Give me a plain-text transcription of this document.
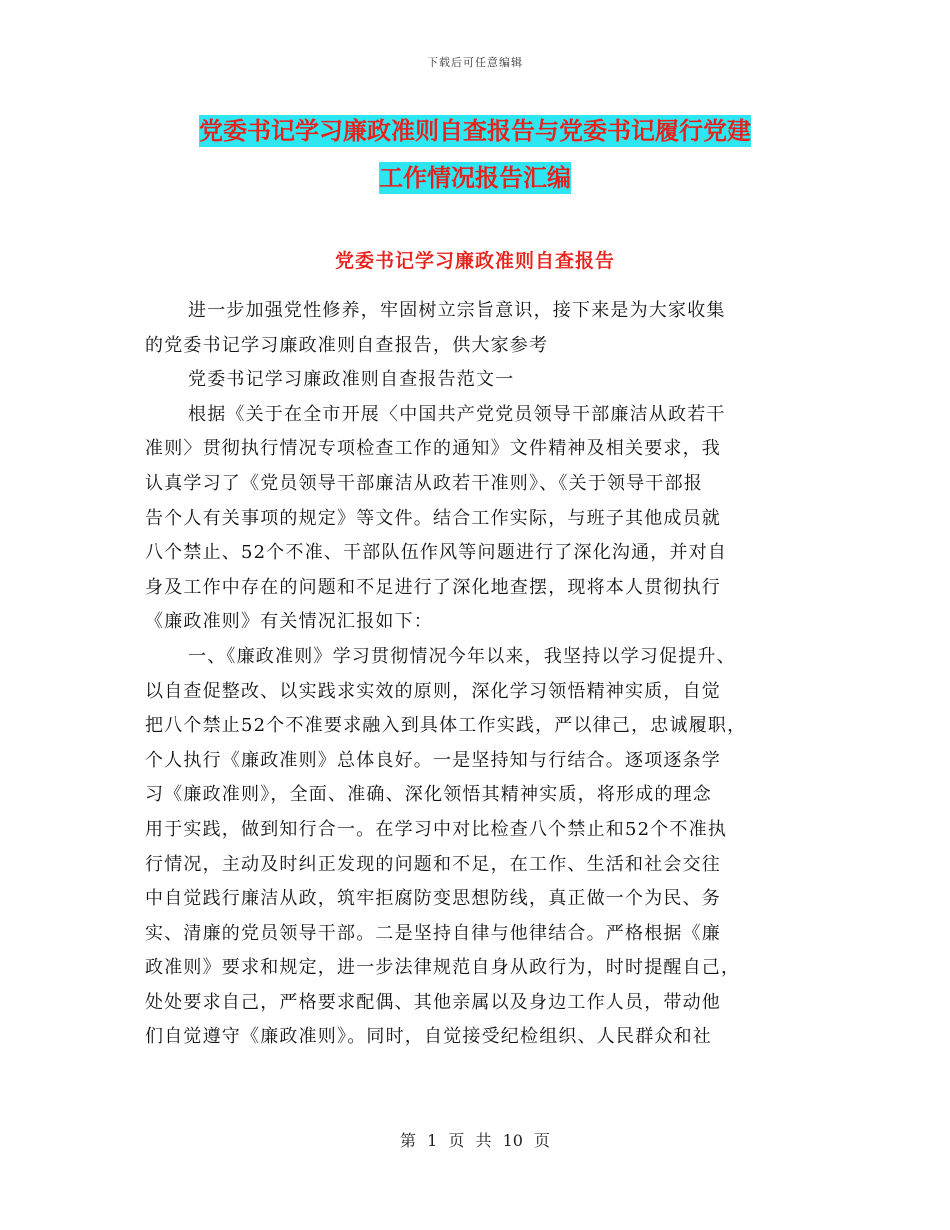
下载后可任意编辑
党委书记学习廉政准则自查报告与党委书记履行党建
工作情况报告汇编
党委书记学习廉政准则自查报告
进一步加强党性修养，牢固树立宗旨意识，接下来是为大家收集
的党委书记学习廉政准则自查报告，供大家参考
党委书记学习廉政准则自查报告范文一
根据《关于在全市开展〈中国共产党党员领导干部廉洁从政若干
准则〉贯彻执行情况专项检查工作的通知》文件精神及相关要求，我
认真学习了《党员领导干部廉洁从政若干准则》、《关于领导干部报
告个人有关事项的规定》等文件。结合工作实际，与班子其他成员就
八个禁止、52个不准、干部队伍作风等问题进行了深化沟通，并对自
身及工作中存在的问题和不足进行了深化地查摆，现将本人贯彻执行
《廉政准则》有关情况汇报如下：
一、《廉政准则》学习贯彻情况今年以来，我坚持以学习促提升、
以自查促整改、以实践求实效的原则，深化学习领悟精神实质，自觉
把八个禁止52个不准要求融入到具体工作实践，严以律己，忠诚履职，
个人执行《廉政准则》总体良好。一是坚持知与行结合。逐项逐条学
习《廉政准则》，全面、准确、深化领悟其精神实质，将形成的理念
用于实践，做到知行合一。在学习中对比检查八个禁止和52个不准执
行情况，主动及时纠正发现的问题和不足，在工作、生活和社会交往
中自觉践行廉洁从政，筑牢拒腐防变思想防线，真正做一个为民、务
实、清廉的党员领导干部。二是坚持自律与他律结合。严格根据《廉
政准则》要求和规定，进一步法律规范自身从政行为，时时提醒自己，
处处要求自己，严格要求配偶、其他亲属以及身边工作人员，带动他
们自觉遵守《廉政准则》。同时，自觉接受纪检组织、人民群众和社
第 1 页 共 10 页
